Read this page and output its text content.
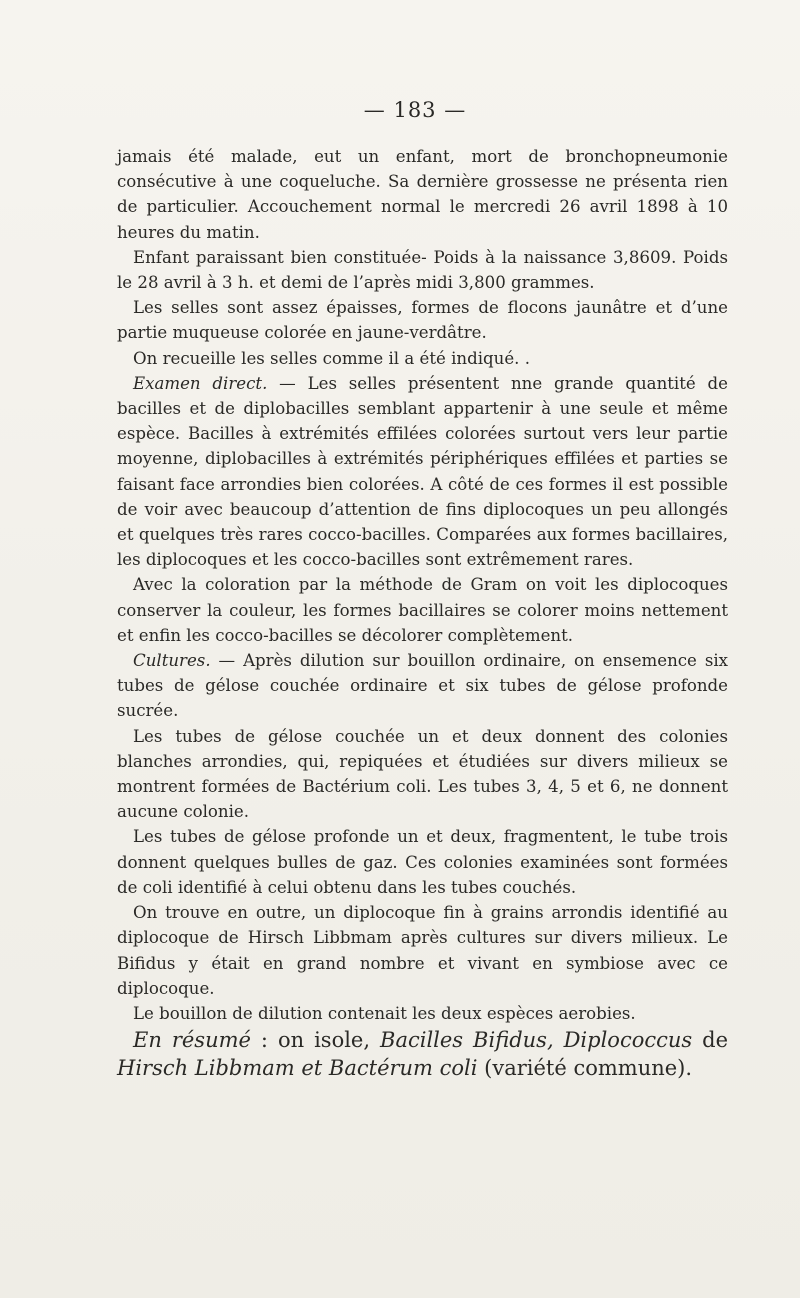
— 183 —

jamais été malade, eut un enfant, mort de bronchopneumonie consécutive à une coqueluche. Sa dernière grossesse ne présenta rien de particulier. Accouchement normal le mercredi 26 avril 1898 à 10 heures du matin.

Enfant paraissant bien constituée- Poids à la naissance 3,8609. Poids le 28 avril à 3 h. et demi de l’après midi 3,800 grammes.

Les selles sont assez épaisses, formes de flocons jaunâtre et d’une partie muqueuse colorée en jaune-verdâtre.

On recueille les selles comme il a été indiqué. .

Examen direct. — Les selles présentent nne grande quantité de bacilles et de diplobacilles semblant appartenir à une seule et même espèce. Bacilles à extrémités effilées colorées surtout vers leur partie moyenne, diplobacilles à extrémités périphériques effilées et parties se faisant face arrondies bien colorées. A côté de ces formes il est possible de voir avec beaucoup d’attention de fins diplocoques un peu allongés et quelques très rares cocco-bacilles. Comparées aux formes bacillaires, les diplocoques et les cocco-bacilles sont extrêmement rares.

Avec la coloration par la méthode de Gram on voit les diplocoques conserver la couleur, les formes bacillaires se colorer moins nettement et enfin les cocco-bacilles se décolorer complètement.

Cultures. — Après dilution sur bouillon ordinaire, on ensemence six tubes de gélose couchée ordinaire et six tubes de gélose profonde sucrée.

Les tubes de gélose couchée un et deux donnent des colonies blanches arrondies, qui, repiquées et étudiées sur divers milieux se montrent formées de Bactérium coli. Les tubes 3, 4, 5 et 6, ne donnent aucune colonie.

Les tubes de gélose profonde un et deux, fragmentent, le tube trois donnent quelques bulles de gaz. Ces colonies examinées sont formées de coli identifié à celui obtenu dans les tubes couchés.

On trouve en outre, un diplocoque fin à grains arrondis identifié au diplocoque de Hirsch Libbmam après cultures sur divers milieux. Le Bifidus y était en grand nombre et vivant en symbiose avec ce diplocoque.

Le bouillon de dilution contenait les deux espèces aerobies.

En résumé : on isole, Bacilles Bifidus, Diplococcus de Hirsch Libbmam et Bactérum coli (variété commune).
